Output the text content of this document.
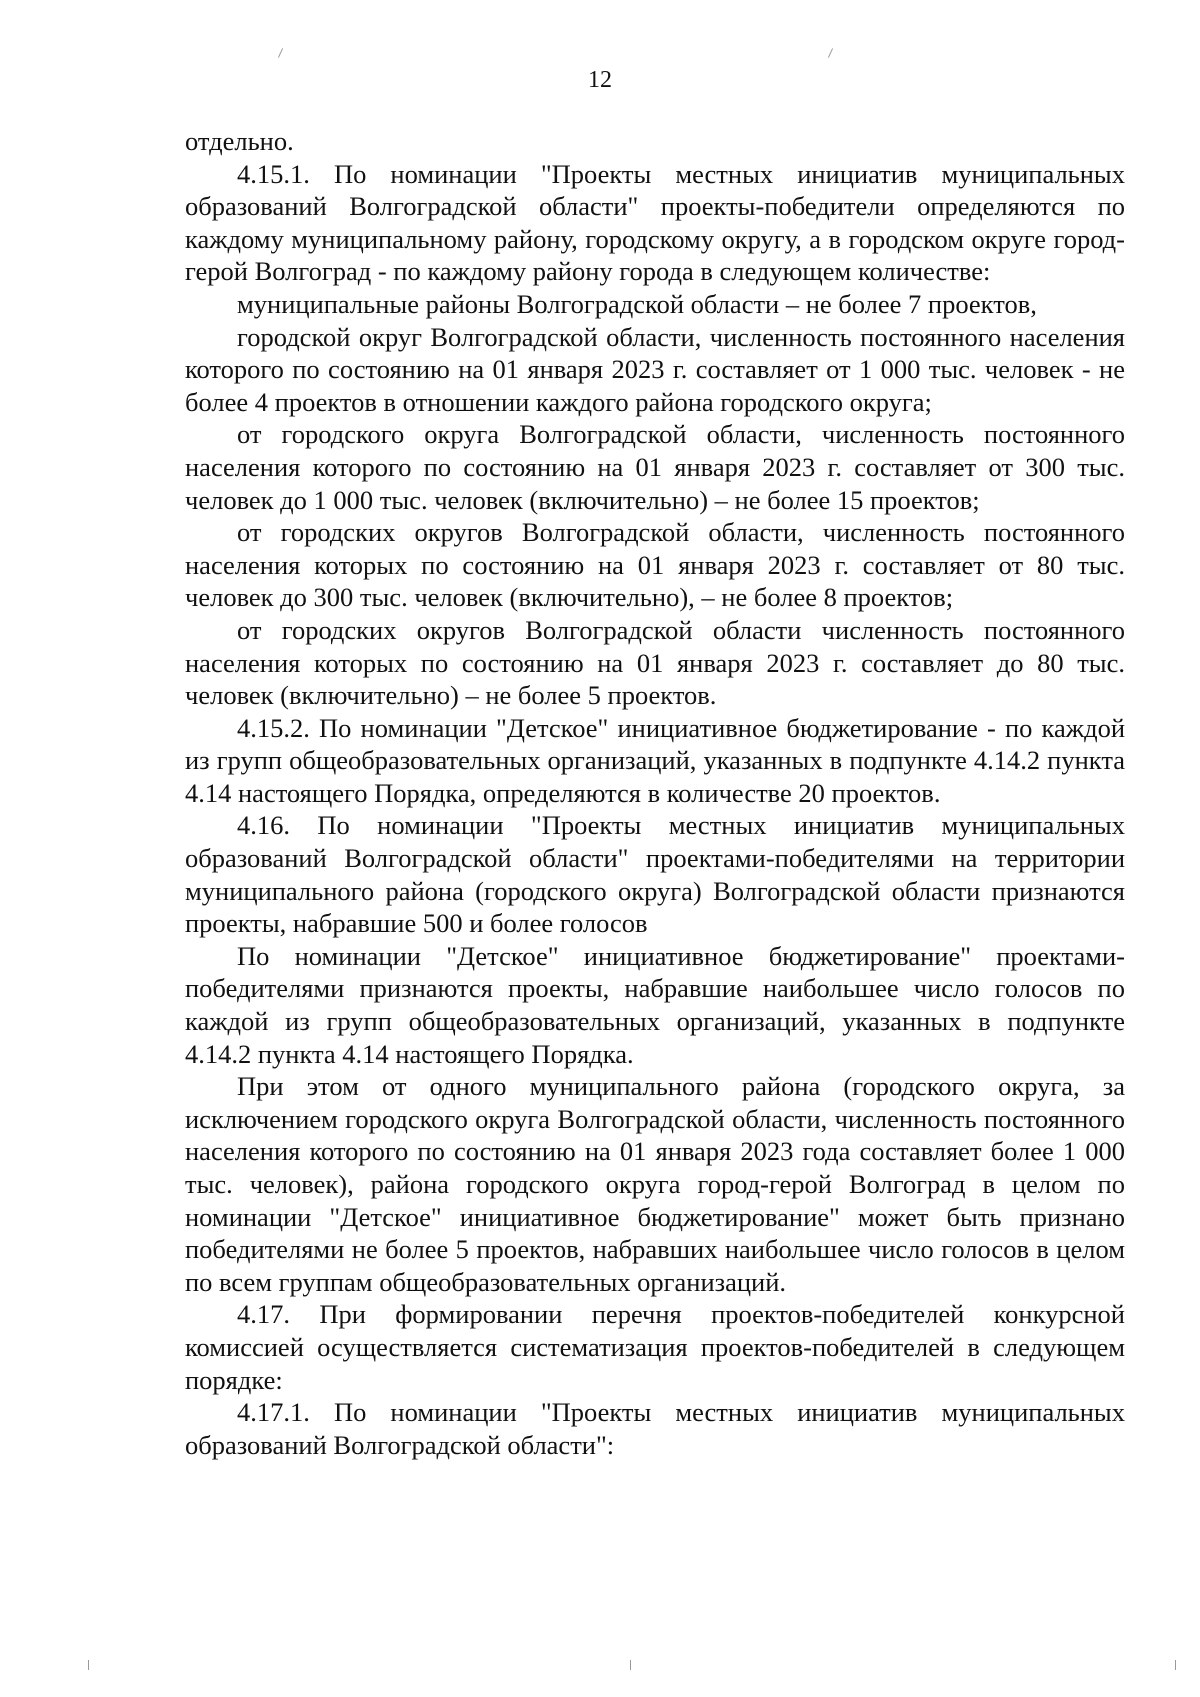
12

отдельно.

4.15.1. По номинации "Проекты местных инициатив муниципальных образований Волгоградской области" проекты-победители определяются по каждому муниципальному району, городскому округу, а в городском округе город-герой Волгоград - по каждому району города в следующем количестве:

муниципальные районы Волгоградской области – не более 7 проектов,

городской округ Волгоградской области, численность постоянного населения которого по состоянию на 01 января 2023 г. составляет от 1 000 тыс. человек - не более 4 проектов в отношении каждого района городского округа;

от городского округа Волгоградской области, численность постоянного населения которого по состоянию на 01 января 2023 г. составляет от 300 тыс. человек до 1 000 тыс. человек (включительно) – не более 15 проектов;

от городских округов Волгоградской области, численность постоянного населения которых по состоянию на 01 января 2023 г. составляет от 80 тыс. человек до 300 тыс. человек (включительно), – не более 8 проектов;

от городских округов Волгоградской области численность постоянного населения которых по состоянию на 01 января 2023 г. составляет до 80 тыс. человек (включительно) – не более 5 проектов.

4.15.2. По номинации "Детское" инициативное бюджетирование - по каждой из групп общеобразовательных организаций, указанных в подпункте 4.14.2 пункта 4.14 настоящего Порядка, определяются в количестве 20 проектов.

4.16. По номинации "Проекты местных инициатив муниципальных образований Волгоградской области" проектами-победителями на территории муниципального района (городского округа) Волгоградской области признаются проекты, набравшие 500 и более голосов

По номинации "Детское" инициативное бюджетирование" проектами-победителями признаются проекты, набравшие наибольшее число голосов по каждой из групп общеобразовательных организаций, указанных в подпункте 4.14.2 пункта 4.14 настоящего Порядка.

При этом от одного муниципального района (городского округа, за исключением городского округа Волгоградской области, численность постоянного населения которого по состоянию на 01 января 2023 года составляет более 1 000 тыс. человек), района городского округа город-герой Волгоград в целом по номинации "Детское" инициативное бюджетирование" может быть признано победителями не более 5 проектов, набравших наибольшее число голосов в целом по всем группам общеобразовательных организаций.

4.17. При формировании перечня проектов-победителей конкурсной комиссией осуществляется систематизация проектов-победителей в следующем порядке:

4.17.1. По номинации "Проекты местных инициатив муниципальных образований Волгоградской области":
